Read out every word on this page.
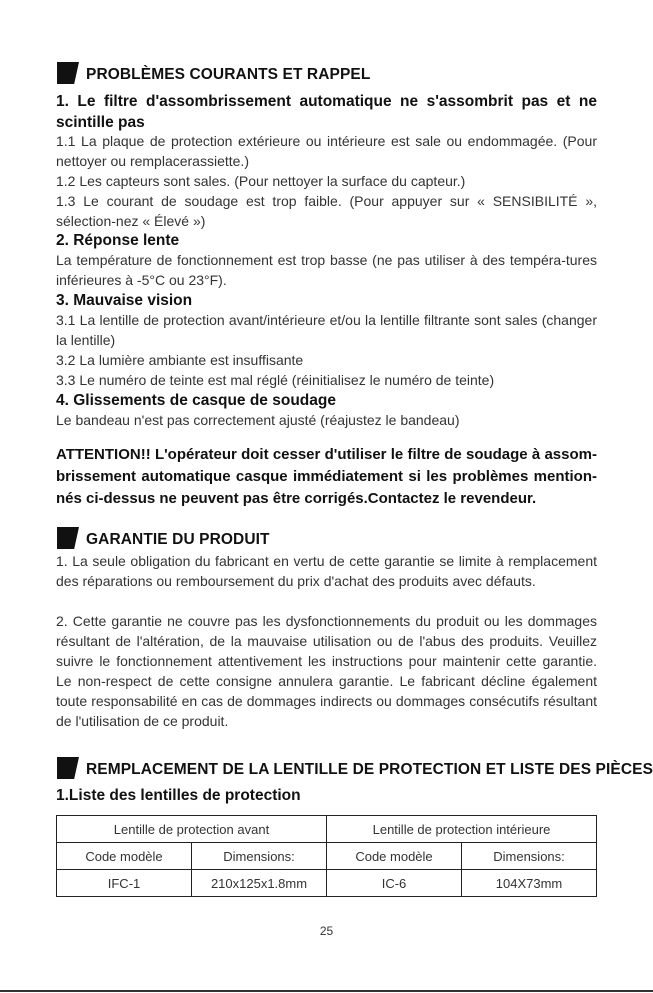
PROBLÈMES COURANTS ET RAPPEL
1. Le filtre d'assombrissement automatique ne s'assombrit pas et ne scintille pas
1.1 La plaque de protection extérieure ou intérieure est sale ou endommagée. (Pour nettoyer ou remplacerassiette.)
1.2 Les capteurs sont sales. (Pour nettoyer la surface du capteur.)
1.3 Le courant de soudage est trop faible. (Pour appuyer sur « SENSIBILITÉ », sélection-nez « Élevé »)
2. Réponse lente
La température de fonctionnement est trop basse (ne pas utiliser à des tempéra-tures inférieures à -5°C ou 23°F).
3. Mauvaise vision
3.1 La lentille de protection avant/intérieure et/ou la lentille filtrante sont sales (changer la lentille)
3.2 La lumière ambiante est insuffisante
3.3 Le numéro de teinte est mal réglé (réinitialisez le numéro de teinte)
4. Glissements de casque de soudage
Le bandeau n'est pas correctement ajusté (réajustez le bandeau)
ATTENTION!! L'opérateur doit cesser d'utiliser le filtre de soudage à assom-brissement automatique casque immédiatement si les problèmes mention-nés ci-dessus ne peuvent pas être corrigés.Contactez le revendeur.
GARANTIE DU PRODUIT
1. La seule obligation du fabricant en vertu de cette garantie se limite à remplacement des réparations ou remboursement du prix d'achat des produits avec défauts.
2. Cette garantie ne couvre pas les dysfonctionnements du produit ou les dommages résultant de l'altération, de la mauvaise utilisation ou de l'abus des produits. Veuillez suivre le fonctionnement attentivement les instructions pour maintenir cette garantie. Le non-respect de cette consigne annulera garantie. Le fabricant décline également toute responsabilité en cas de dommages indirects ou dommages consécutifs résultant de l'utilisation de ce produit.
REMPLACEMENT DE LA LENTILLE DE PROTECTION ET LISTE DES PIÈCES
1.Liste des lentilles de protection
Lentille de protection avant		Lentille de protection intérieure	
Code modèle	Dimensions:	Code modèle	Dimensions:
IFC-1	210x125x1.8mm	IC-6	104X73mm
25
